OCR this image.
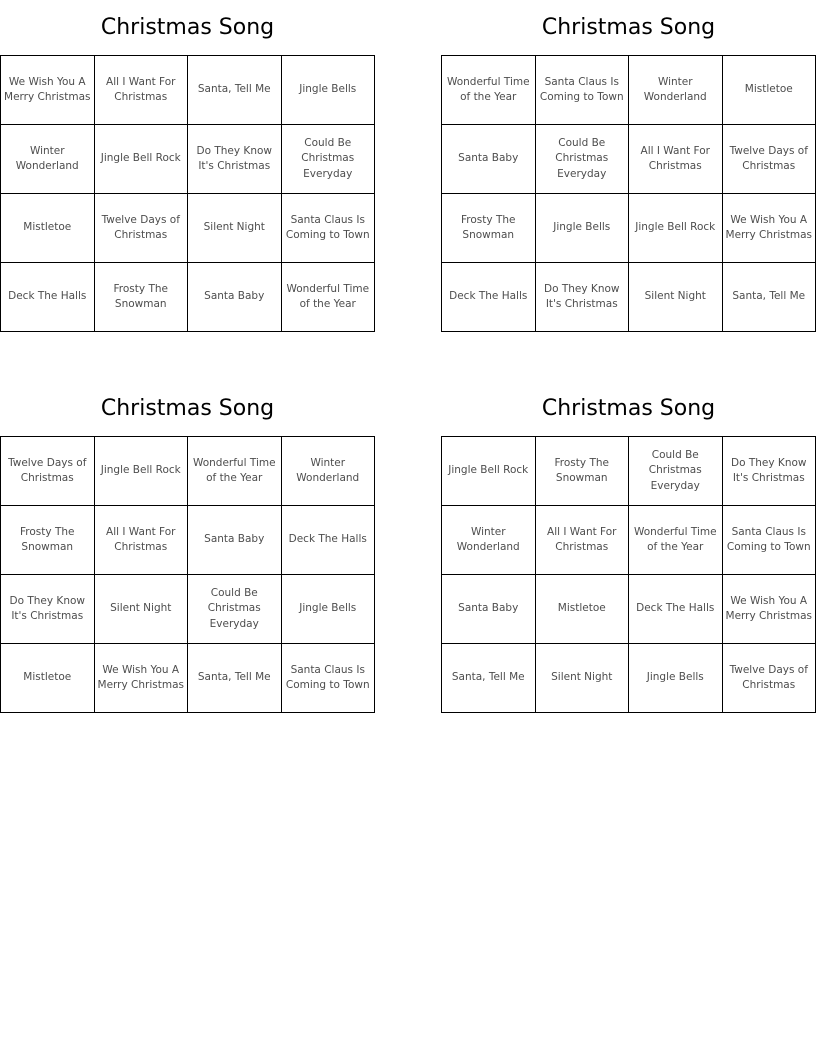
Christmas Song
We Wish You A Merry Christmas	All I Want For Christmas	Santa, Tell Me	Jingle Bells
Winter Wonderland	Jingle Bell Rock	Do They Know It's Christmas	Could Be Christmas Everyday
Mistletoe	Twelve Days of Christmas	Silent Night	Santa Claus Is Coming to Town
Deck The Halls	Frosty The Snowman	Santa Baby	Wonderful Time of the Year
Christmas Song
Wonderful Time of the Year	Santa Claus Is Coming to Town	Winter Wonderland	Mistletoe
Santa Baby	Could Be Christmas Everyday	All I Want For Christmas	Twelve Days of Christmas
Frosty The Snowman	Jingle Bells	Jingle Bell Rock	We Wish You A Merry Christmas
Deck The Halls	Do They Know It's Christmas	Silent Night	Santa, Tell Me
Christmas Song
Twelve Days of Christmas	Jingle Bell Rock	Wonderful Time of the Year	Winter Wonderland
Frosty The Snowman	All I Want For Christmas	Santa Baby	Deck The Halls
Do They Know It's Christmas	Silent Night	Could Be Christmas Everyday	Jingle Bells
Mistletoe	We Wish You A Merry Christmas	Santa, Tell Me	Santa Claus Is Coming to Town
Christmas Song
Jingle Bell Rock	Frosty The Snowman	Could Be Christmas Everyday	Do They Know It's Christmas
Winter Wonderland	All I Want For Christmas	Wonderful Time of the Year	Santa Claus Is Coming to Town
Santa Baby	Mistletoe	Deck The Halls	We Wish You A Merry Christmas
Santa, Tell Me	Silent Night	Jingle Bells	Twelve Days of Christmas
